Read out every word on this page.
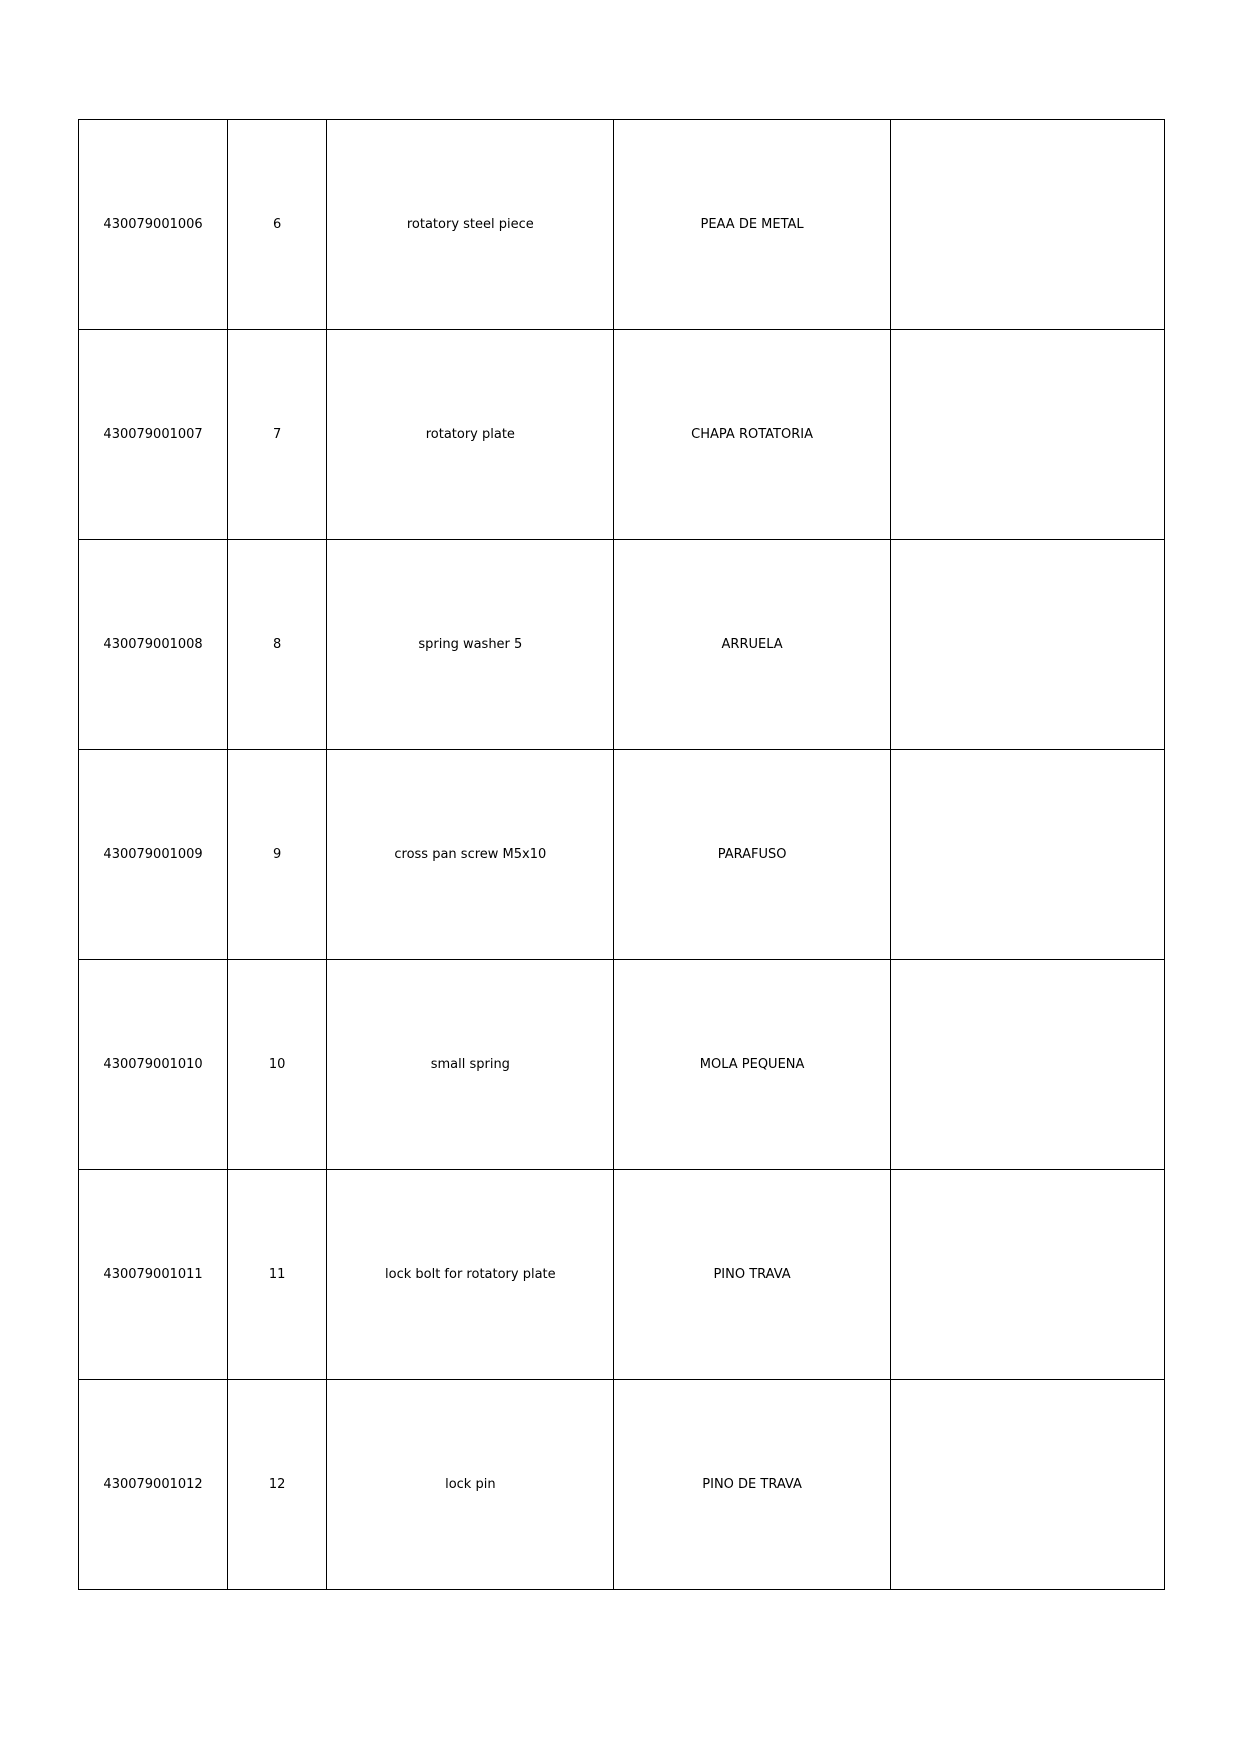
430079001006	6	rotatory steel piece	PEAA DE METAL	
430079001007	7	rotatory plate	CHAPA ROTATORIA	
430079001008	8	spring washer 5	ARRUELA	
430079001009	9	cross pan screw M5x10	PARAFUSO	
430079001010	10	small spring	MOLA PEQUENA	
430079001011	11	lock bolt for rotatory plate	PINO TRAVA	
430079001012	12	lock pin	PINO DE TRAVA	
